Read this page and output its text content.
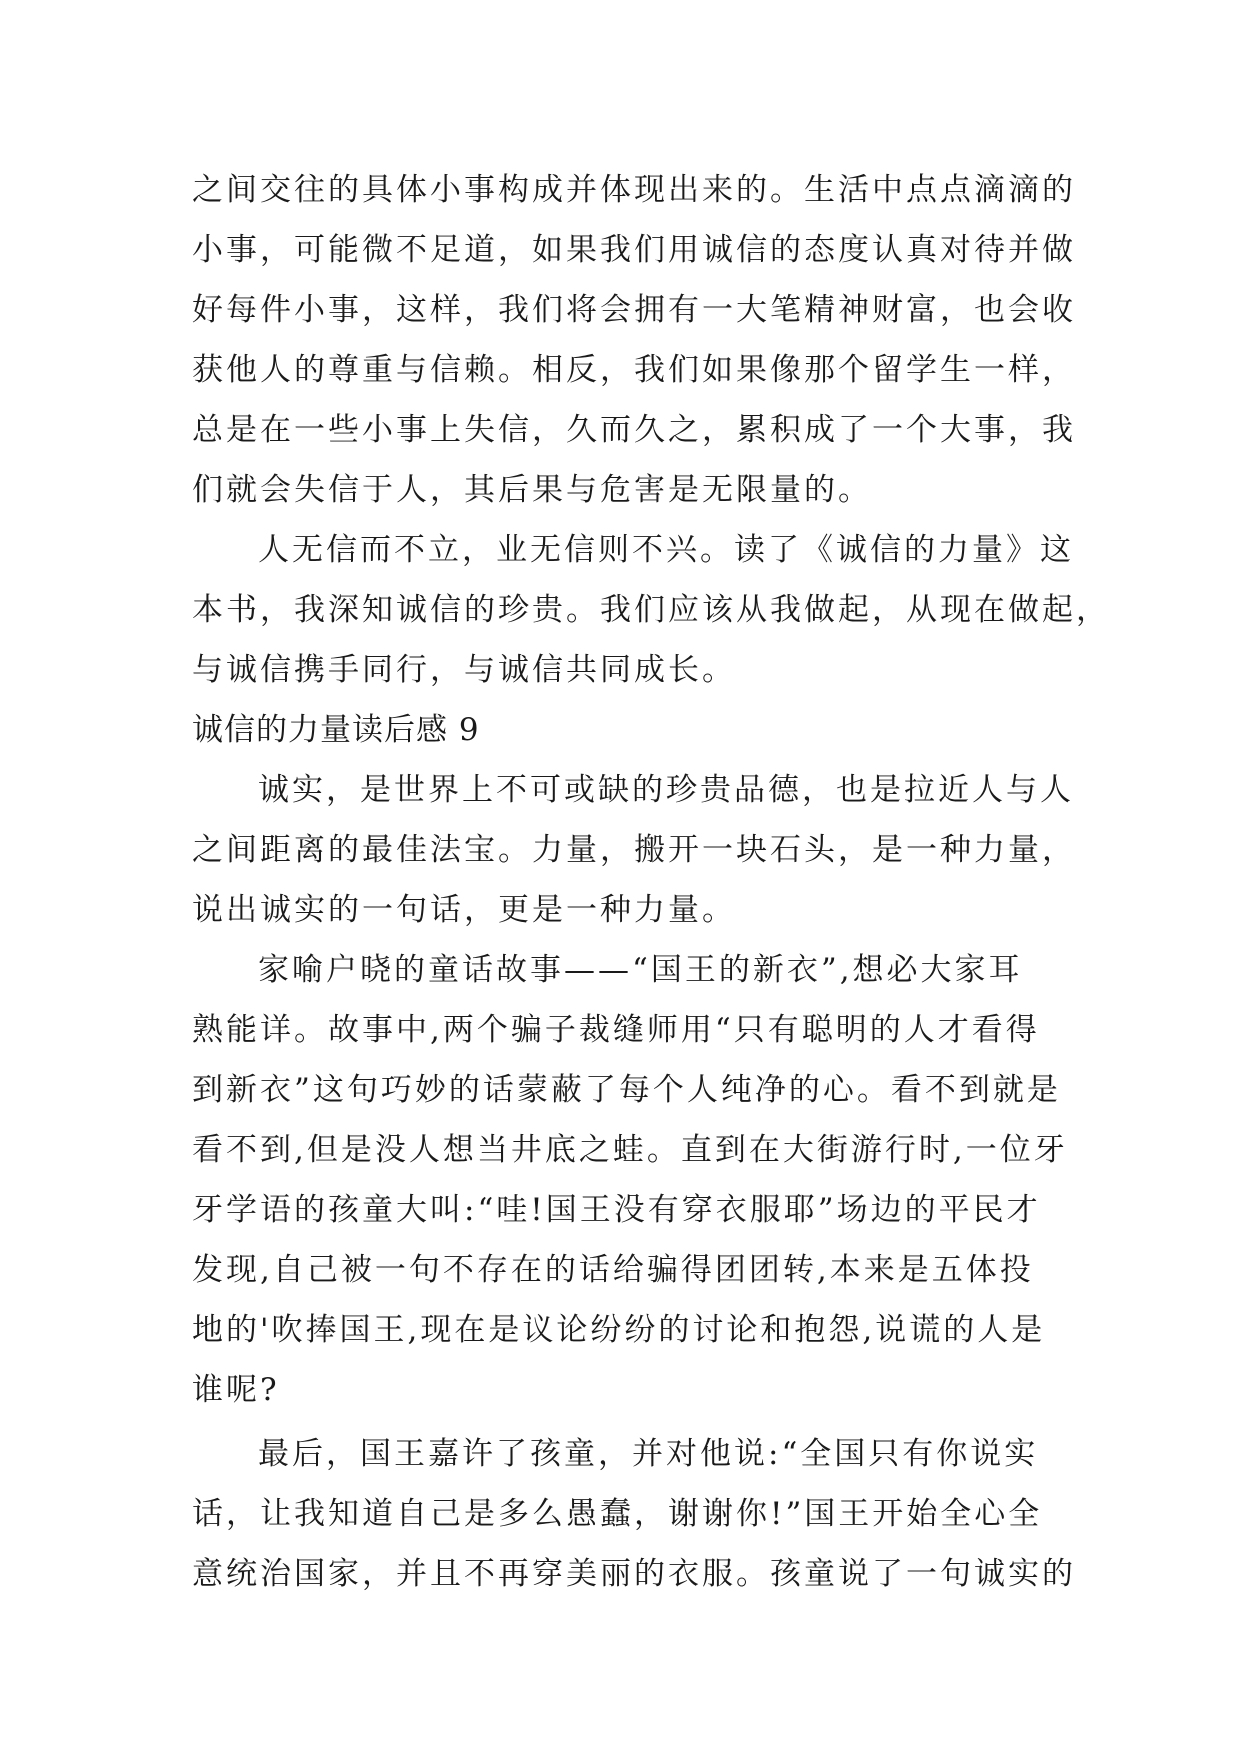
之间交往的具体小事构成并体现出来的。生活中点点滴滴的
小事，可能微不足道，如果我们用诚信的态度认真对待并做
好每件小事，这样，我们将会拥有一大笔精神财富，也会收
获他人的尊重与信赖。相反，我们如果像那个留学生一样，
总是在一些小事上失信，久而久之，累积成了一个大事，我
们就会失信于人，其后果与危害是无限量的。
人无信而不立，业无信则不兴。读了《诚信的力量》这
本书，我深知诚信的珍贵。我们应该从我做起，从现在做起，
与诚信携手同行，与诚信共同成长。
诚信的力量读后感 9
诚实，是世界上不可或缺的珍贵品德，也是拉近人与人
之间距离的最佳法宝。力量，搬开一块石头，是一种力量，
说出诚实的一句话，更是一种力量。
家喻户晓的童话故事——“国王的新衣”,想必大家耳
熟能详。故事中,两个骗子裁缝师用“只有聪明的人才看得
到新衣”这句巧妙的话蒙蔽了每个人纯净的心。看不到就是
看不到,但是没人想当井底之蛙。直到在大街游行时,一位牙
牙学语的孩童大叫:“哇!国王没有穿衣服耶”场边的平民才
发现,自己被一句不存在的话给骗得团团转,本来是五体投
地的'吹捧国王,现在是议论纷纷的讨论和抱怨,说谎的人是
谁呢?
最后，国王嘉许了孩童，并对他说:“全国只有你说实
话，让我知道自己是多么愚蠢，谢谢你!”国王开始全心全
意统治国家，并且不再穿美丽的衣服。孩童说了一句诚实的
